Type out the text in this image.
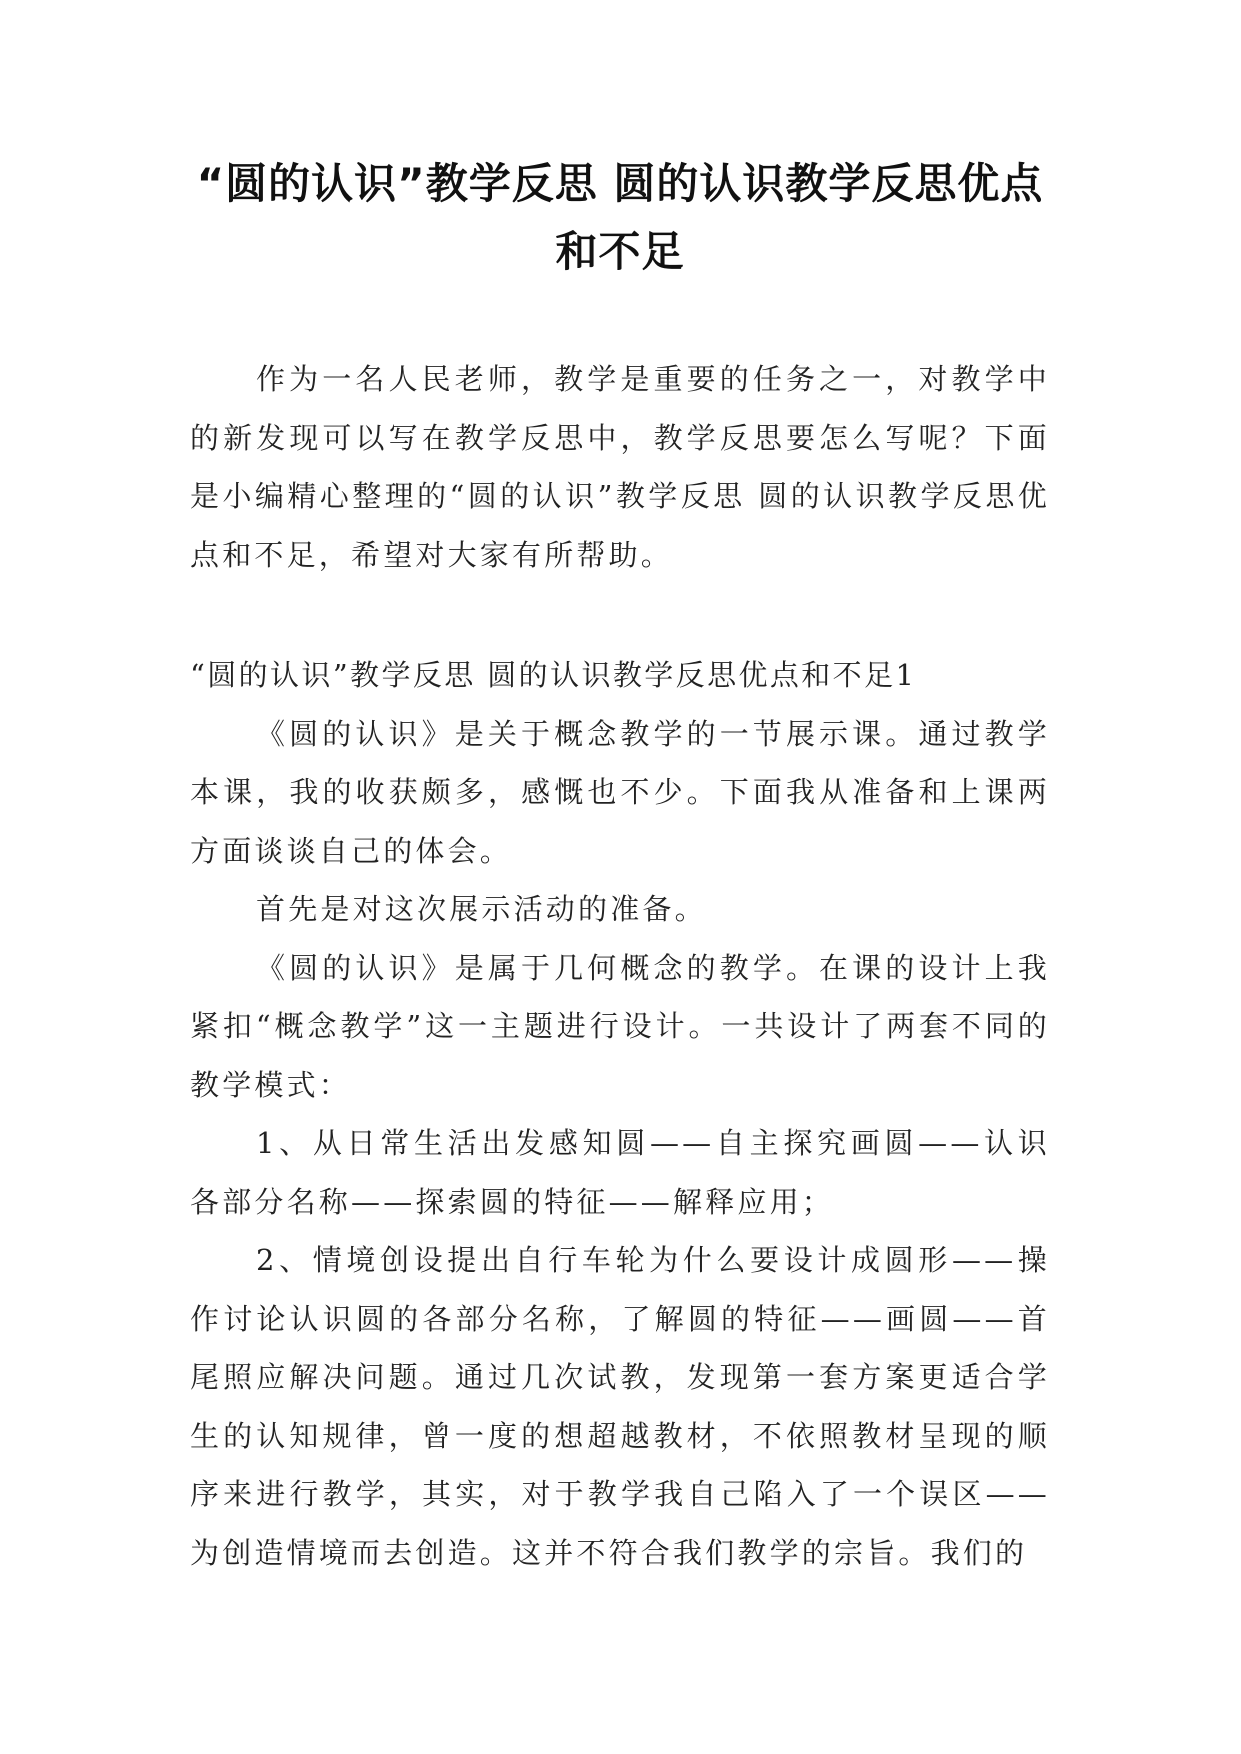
“圆的认识”教学反思 圆的认识教学反思优点和不足

作为一名人民老师，教学是重要的任务之一，对教学中的新发现可以写在教学反思中，教学反思要怎么写呢？下面是小编精心整理的“圆的认识”教学反思 圆的认识教学反思优点和不足，希望对大家有所帮助。

“圆的认识”教学反思 圆的认识教学反思优点和不足1

《圆的认识》是关于概念教学的一节展示课。通过教学本课，我的收获颇多，感慨也不少。下面我从准备和上课两方面谈谈自己的体会。

首先是对这次展示活动的准备。

《圆的认识》是属于几何概念的教学。在课的设计上我紧扣“概念教学”这一主题进行设计。一共设计了两套不同的教学模式：

1、从日常生活出发感知圆——自主探究画圆——认识各部分名称——探索圆的特征——解释应用；

2、情境创设提出自行车轮为什么要设计成圆形——操作讨论认识圆的各部分名称，了解圆的特征——画圆——首尾照应解决问题。通过几次试教，发现第一套方案更适合学生的认知规律，曾一度的想超越教材，不依照教材呈现的顺序来进行教学，其实，对于教学我自己陷入了一个误区——为创造情境而去创造。这并不符合我们教学的宗旨。我们的
